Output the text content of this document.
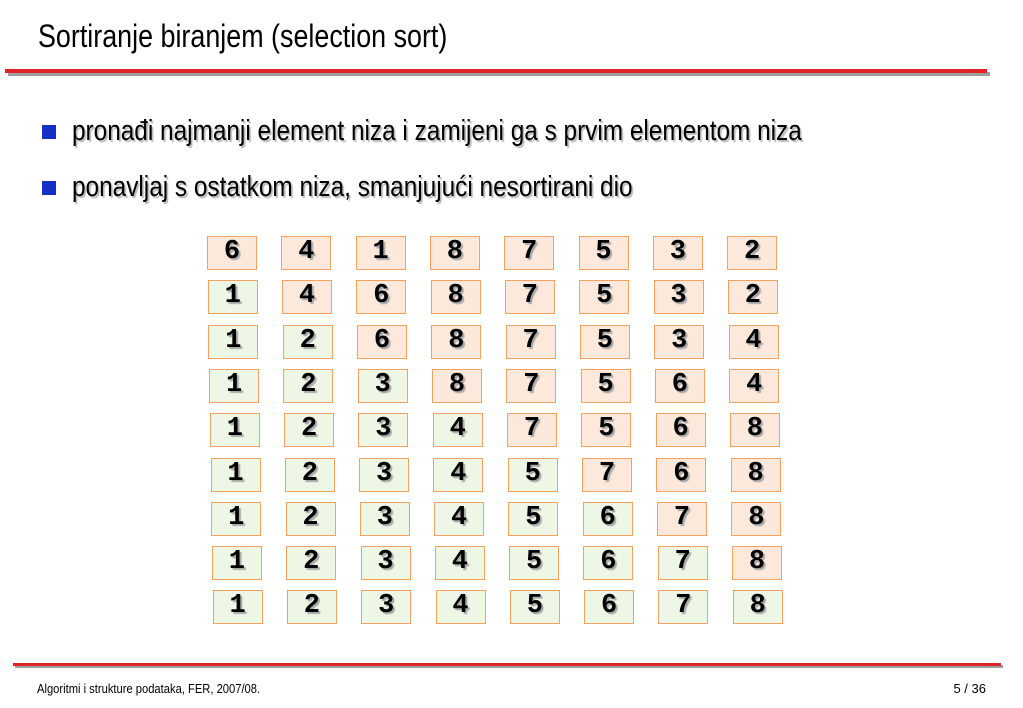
Sortiranje biranjem (selection sort)
pronađi najmanji element niza i zamijeni ga s prvim elementom niza
ponavljaj s ostatkom niza, smanjujući nesortirani dio
6	4	1	8	7	5	3	2
1	4	6	8	7	5	3	2
1	2	6	8	7	5	3	4
1	2	3	8	7	5	6	4
1	2	3	4	7	5	6	8
1	2	3	4	5	7	6	8
1	2	3	4	5	6	7	8
1	2	3	4	5	6	7	8
1	2	3	4	5	6	7	8
Algoritmi i strukture podataka, FER, 2007/08.	5 / 36
